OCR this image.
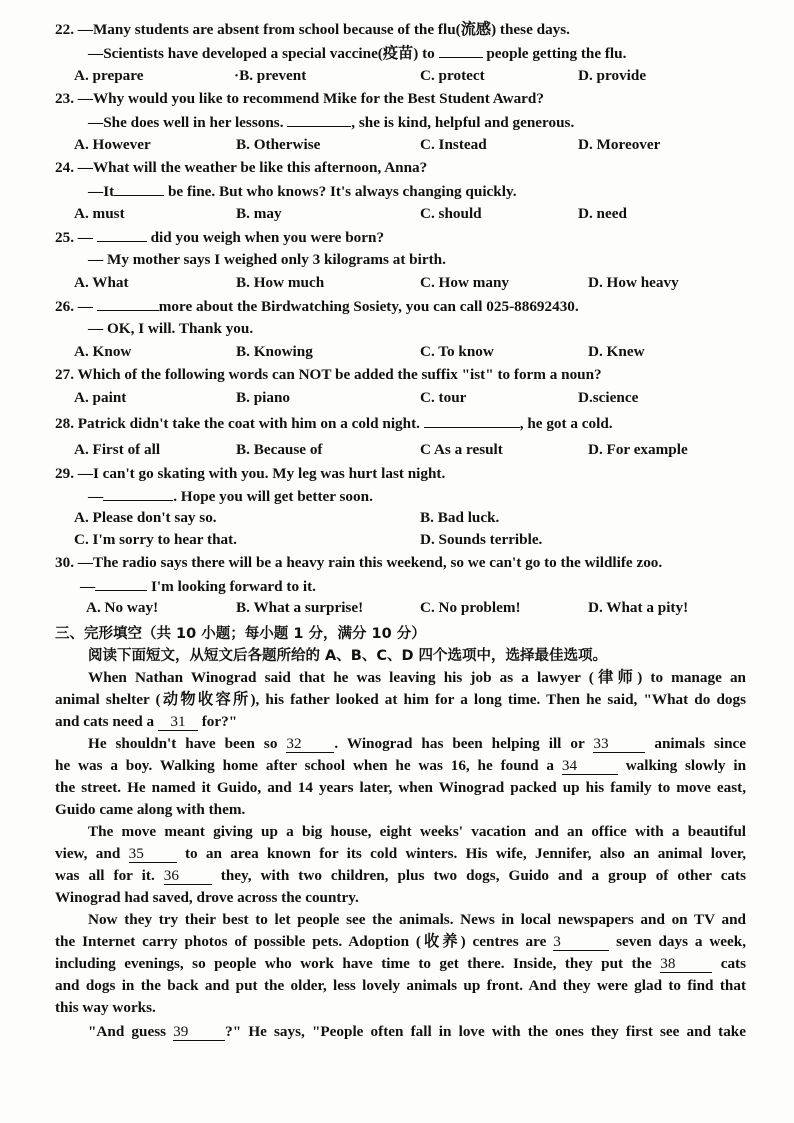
22. —Many students are absent from school because of the flu(流感) these days.
—Scientists have developed a special vaccine(疫苗) to	people getting the flu.
A. prepare	·B. prevent	C. protect	D. provide
23. —Why would you like to recommend Mike for the Best Student Award?
—She does well in her lessons.	, she is kind, helpful and generous.
A. However	B. Otherwise	C. Instead	D. Moreover
24. —What will the weather be like this afternoon, Anna?
—It	be fine. But who knows? It's always changing quickly.
A. must	B. may	C. should	D. need
25. —	did you weigh when you were born?
— My mother says I weighed only 3 kilograms at birth.
A. What	B. How much	C. How many	D. How heavy
26. —	more about the Birdwatching Sosiety, you can call 025-88692430.
— OK, I will. Thank you.
A. Know	B. Knowing	C. To know	D. Knew
27. Which of the following words can NOT be added the suffix "ist" to form a noun?
A. paint	B. piano	C. tour	D.science
28. Patrick didn't take the coat with him on a cold night.	, he got a cold.
A. First of all	B. Because of	C As a result	D. For example
29. —I can't go skating with you. My leg was hurt last night.
—	. Hope you will get better soon.
A. Please don't say so.	B. Bad luck.
C. I'm sorry to hear that.	D. Sounds terrible.
30. —The radio says there will be a heavy rain this weekend, so we can't go to the wildlife zoo.
—	I'm looking forward to it.
A. No way!	B. What a surprise!	C. No problem!	D. What a pity!
三、完形填空（共 10 小题；每小题 1 分，满分 10 分）
阅读下面短文，从短文后各题所给的 A、B、C、D 四个选项中，选择最佳选项。
When Nathan Winograd said that he was leaving his job as a lawyer (律师) to manage an
animal shelter (动物收容所), his father looked at him for a long time. Then he said, "What do dogs
and cats need a 31 for?"
He shouldn't have been so 32 . Winograd has been helping ill or 33	animals since
he was a boy. Walking home after school when he was 16, he found a 34	walking slowly in
the street. He named it Guido, and 14 years later, when Winograd packed up his family to move east,
Guido came along with them.
The move meant giving up a big house, eight weeks' vacation and an office with a beautiful
view, and 35	to an area known for its cold winters. His wife, Jennifer, also an animal lover,
was all for it. 36	they, with two children, plus two dogs, Guido and a group of other cats
Winograd had saved, drove across the country.
Now they try their best to let people see the animals. News in local newspapers and on TV and
the Internet carry photos of possible pets. Adoption (收养) centres are 3	seven days a week,
including evenings, so people who work have time to get there. Inside, they put the 38	cats
and dogs in the back and put the older, less lovely animals up front. And they were glad to find that
this way works.
"And guess 39 ?" He says, "People often fall in love with the ones they first see and take
